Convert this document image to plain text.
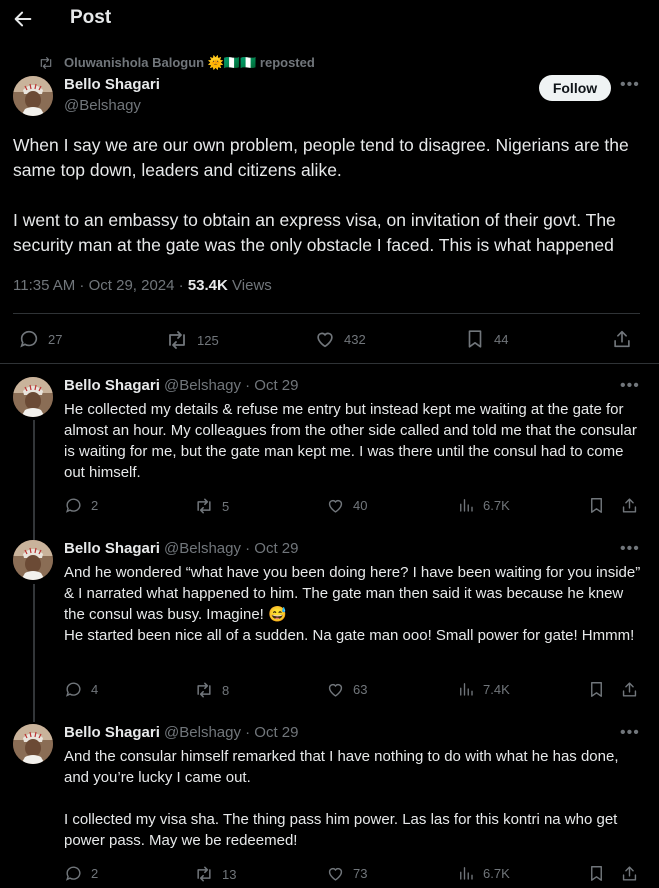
Post
Oluwanishola Balogun 🌞🇳🇬🇳🇬 reposted
Bello Shagari
@Belshagy
Follow	•••
When I say we are our own problem, people tend to disagree. Nigerians are the same top down, leaders and citizens alike.
I went to an embassy to obtain an express visa, on invitation of their govt. The security man at the gate was the only obstacle I faced. This is what happened
11:35 AM · Oct 29, 2024 · 53.4K Views
27	125	432	44
Bello Shagari @Belshagy · Oct 29	•••
He collected my details & refuse me entry but instead kept me waiting at the gate for almost an hour. My colleagues from the other side called and told me that the consular is waiting for me, but the gate man kept me. I was there until the consul had to come out himself.
2	5	40	6.7K
Bello Shagari @Belshagy · Oct 29	•••
And he wondered “what have you been doing here? I have been waiting for you inside” & I narrated what happened to him. The gate man then said it was because he knew the consul was busy. Imagine! 😅
He started been nice all of a sudden. Na gate man ooo! Small power for gate! Hmmm!
4	8	63	7.4K
Bello Shagari @Belshagy · Oct 29	•••
And the consular himself remarked that I have nothing to do with what he has done, and you’re lucky I came out.

I collected my visa sha. The thing pass him power. Las las for this kontri na who get power pass. May we be redeemed!
2	13	73	6.7K
